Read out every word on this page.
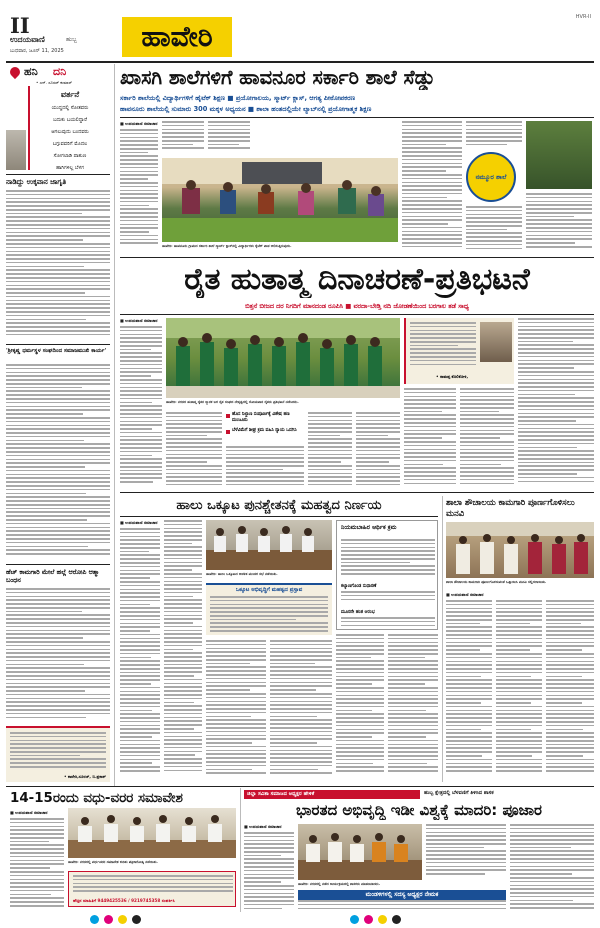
II
ಉದಯವಾಣಿ	ಹುಬ್ಬ
ಬುಧವಾರ, ಜೂನ್ 11, 2025	ಹಾವೇರಿ
HVR-II
ಹನಿ ದನಿ
• ಎನ್. ಸೂರಜ್‌ ಕುಮಾರ್
ವರ್ತನೆ
ಯುದ್ಧದಲ್ಲಿ ಸೋತವರು
ಬದುಕು ಬಯಲಿದ್ದಾರೆ
ಆಗಲುವುದು ಬಂದವರು
ಬಗ್ಗುವವರಿಗೆ ಮೊದಲ
ಸೋಗಲಾಡಿ ಪಾತುಣ
ಹಾಗಿಗಳಿಲ್ಲ ಬೆಳಗ
ನಾಡಿದ್ದು ಉಕ್ಕವಾನ ಜಾಗೃತಿ
'ಶ್ರೀಕೃಷ್ಣ ಧರ್ಮಸ್ಥಳ ಸಂಘದಿಂದ ಸಮಾಜಮುಖಿ ಕಾರ್ಯ'
ಹೆಚ್ ಕಾಮಗಾರಿ ಮೇಲೆ ಹಲ್ಲೆ ಆರೋಪಿ ಆತ್ಮಾ ಬಂಧನ
• ಕಾವೇರಿ,ಸೂರಜ್, ಬಿ.ಪ್ರಕಾಶ್
ಖಾಸಗಿ ಶಾಲೆಗಳಿಗೆ ಹಾವನೂರ ಸರ್ಕಾರಿ ಶಾಲೆ ಸೆಡ್ಡು
ಸರ್ಕಾರಿ ಶಾಲೆಯಲ್ಲಿ ವಿದ್ಯಾರ್ಥಿಗಳಿಗೆ ಹೈಟೆಕ್ ಶಿಕ್ಷಣ ■ ಪ್ರಯೋಗಾಲಯ, ಸ್ಮಾರ್ಟ್ ಕ್ಲಾಸ್, ಆಗತ್ಯ ಪೀಠೋಪಕರಣ
ಹಾವನೂರು ಶಾಲೆಯಲ್ಲಿ ಸುಮಾರು 300 ಮಕ್ಕಳ ಅಧ್ಯಯನ ■ ಶಾಲಾ ಹಂತದಲ್ಲಿಯೇ ಲ್ಯಾಬ್‌ನಲ್ಲಿ ಪ್ರಯೋಗಾತ್ಮಕ ಶಿಕ್ಷಣ
■ ಉದಯವಾಣಿ ಸಮಾಚಾರ
ಹಾವೇರಿ: ಹಾವನೂರು ಗ್ರಾಮದ ಸರ್ಕಾರಿ ಶಾಲೆ ಸ್ಮಾರ್ಟ್ ಕ್ಲಾಸ್‌ನಲ್ಲಿ ವಿದ್ಯಾರ್ಥಿಗಳು ಕೈಟೆಕ್ ಪಾಠ ಆಲಿಸುತ್ತಿರುವುದು.
ನಮ್ಮೂರ ಶಾಲೆ
ರೈತ ಹುತಾತ್ಮ ದಿನಾಚರಣೆ-ಪ್ರತಿಭಟನೆ
ಬಿತ್ತನೆ ಬೀಜದ ದರ ನಿಗದಿಗೆ ಮಾನದಂಡ ರೂಪಿಸಿ ■ ವರದಾ-ಬೇಡ್ತಿ ನದಿ ಜೋಡಣೆಯಿಂದ ಬರಗಾಲ ತಡೆ ಸಾಧ್ಯ
■ ಉದಯವಾಣಿ ಸಮಾಚಾರ
ಹಾವೇರಿ: ನಗರದ ಹುತಾತ್ಮ ರೈತರ ಸ್ಮಾರಕ ಬಳಿ ರೈತ ಸಂಘದ ನೇತೃತ್ವದಲ್ಲಿ ಸೋಮವಾರ ರೈತರು ಪ್ರತಿಭಟನೆ ನಡೆಸಿದರು.
ಹೊಸ ನಿಲ್ದಾಣ ಸಂಪೂರ್ಣಕ್ಕೆ ವಿಶೇಷ ಹಣ ಮಂಜೂರು
ಬೆಳೆವಿಮೆಗೆ ಶೀಘ್ರ ಕ್ರಮ ವಹಿಸಿ ನ್ಯಾಯ ಒದಗಿಸಿ
• ರಾಮಪ್ಪ ಕೊಲಿಕೋಳಿ,
ಹಾಲು ಒಕ್ಕೂಟ ಪುನಶ್ಚೇತನಕ್ಕೆ ಮಹತ್ವದ ನಿರ್ಣಯ
■ ಉದಯವಾಣಿ ಸಮಾಚಾರ
ಹಾವೇರಿ: ಹಾಲು ಒಕ್ಕೂಟದ ಆಡಳಿತ ಮಂಡಳಿ ಸಭೆ ನಡೆಯಿತು.
ಒಕ್ಕೂಟ ಅಭಿವೃದ್ಧಿಗೆ ಮಹತ್ವದ ಪ್ರಸ್ತಾವ
ನಿಯಮಬಾಹಿರ ಆರ್ಥಿಕ ಕ್ರಮ
ಕಲ್ಯಾಣಗೊಂಡ ಸುಧಾರಣೆ
ಮೂರನೇ ಹಂತ ಆರಂಭ
ಶಾಲಾ ಶೌಚಾಲಯ ಕಾಮಗಾರಿ ಪೂರ್ಣಗೊಳಿಸಲು ಮನವಿ
ಶಾಲಾ ಶೌಚಾಲಯ ಕಾಮಗಾರಿ ಪೂರ್ಣಗೊಳಿಸುವಂತೆ ಒತ್ತಾಯಿಸಿ ಮನವಿ ಸಲ್ಲಿಸಲಾಯಿತು.
■ ಉದಯವಾಣಿ ಸಮಾಚಾರ
14-15ರಂದು ವಧು-ವರರ ಸಮಾವೇಶ
■ ಉದಯವಾಣಿ ಸಮಾಚಾರ
ಹಾವೇರಿ: ನಗರದಲ್ಲಿ ವಧು-ವರರ ಸಮಾವೇಶ ಕುರಿತು ಪತ್ರಿಕಾಗೋಷ್ಠಿ ನಡೆಯಿತು.
ಹೆಚ್ಚಿನ ಮಾಹಿತಿಗೆ 9449425536 / 9219745358 ಸಂಪರ್ಕಿಸಿ
ಜಿಲ್ಲಾ ಸವಿತಾ ಸಮಾಜದ ಅಧ್ಯಕ್ಷರ ಹೇಳಿಕೆ	ಹುಬ್ಬ ಕ್ಷೇತ್ರದಲ್ಲಿ ಬೆಳವಣಿಗೆ ತಿಳಿಸಿದ ಶಾಸಕ
ಭಾರತದ ಅಭಿವೃದ್ಧಿ ಇಡೀ ವಿಶ್ವಕ್ಕೆ ಮಾದರಿ: ಪೂಜಾರ
■ ಉದಯವಾಣಿ ಸಮಾಚಾರ
ಹಾವೇರಿ: ನಗರದಲ್ಲಿ ನಡೆದ ಕಾರ್ಯಕ್ರಮದಲ್ಲಿ ಶಾಸಕರು ಮಾತನಾಡಿದರು.
ಮಂಡಳಿಗಳಲ್ಲಿ ಸದಸ್ಯ ಅಧ್ಯಕ್ಷರ ನೇಮಕ
